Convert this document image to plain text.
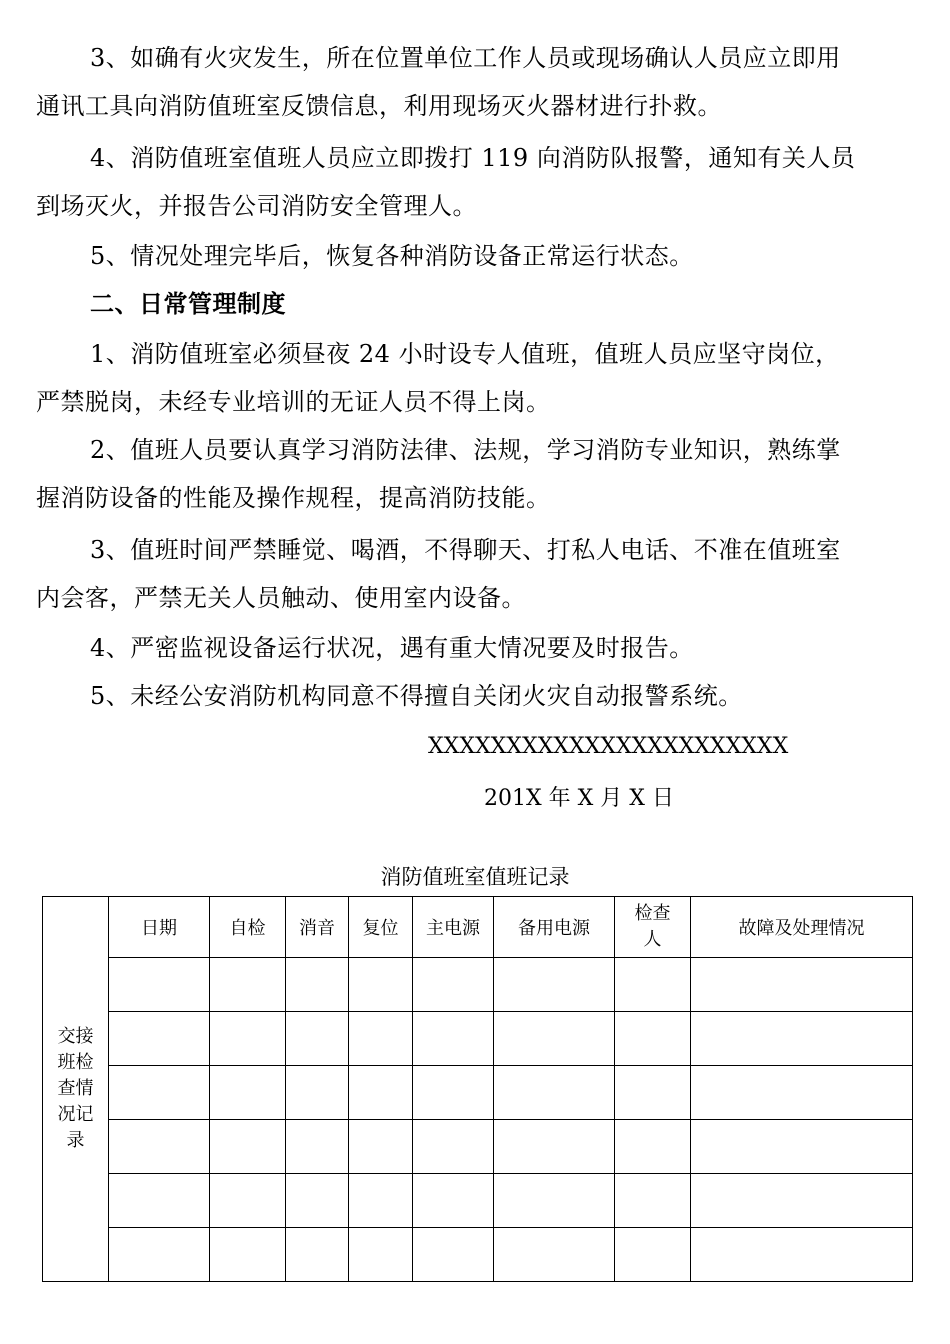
3、如确有火灾发生，所在位置单位工作人员或现场确认人员应立即用
通讯工具向消防值班室反馈信息，利用现场灭火器材进行扑救。
4、消防值班室值班人员应立即拨打 119 向消防队报警，通知有关人员
到场灭火，并报告公司消防安全管理人。
5、情况处理完毕后，恢复各种消防设备正常运行状态。
二、日常管理制度
1、消防值班室必须昼夜 24 小时设专人值班，值班人员应坚守岗位，
严禁脱岗，未经专业培训的无证人员不得上岗。
2、值班人员要认真学习消防法律、法规，学习消防专业知识，熟练掌
握消防设备的性能及操作规程，提高消防技能。
3、值班时间严禁睡觉、喝酒，不得聊天、打私人电话、不准在值班室
内会客，严禁无关人员触动、使用室内设备。
4、严密监视设备运行状况，遇有重大情况要及时报告。
5、未经公安消防机构同意不得擅自关闭火灾自动报警系统。
XXXXXXXXXXXXXXXXXXXXXXX
201X 年 X 月 X 日
消防值班室值班记录
交接班检查情况记录	日期	自检	消音	复位	主电源	备用电源	检查人	故障及处理情况
